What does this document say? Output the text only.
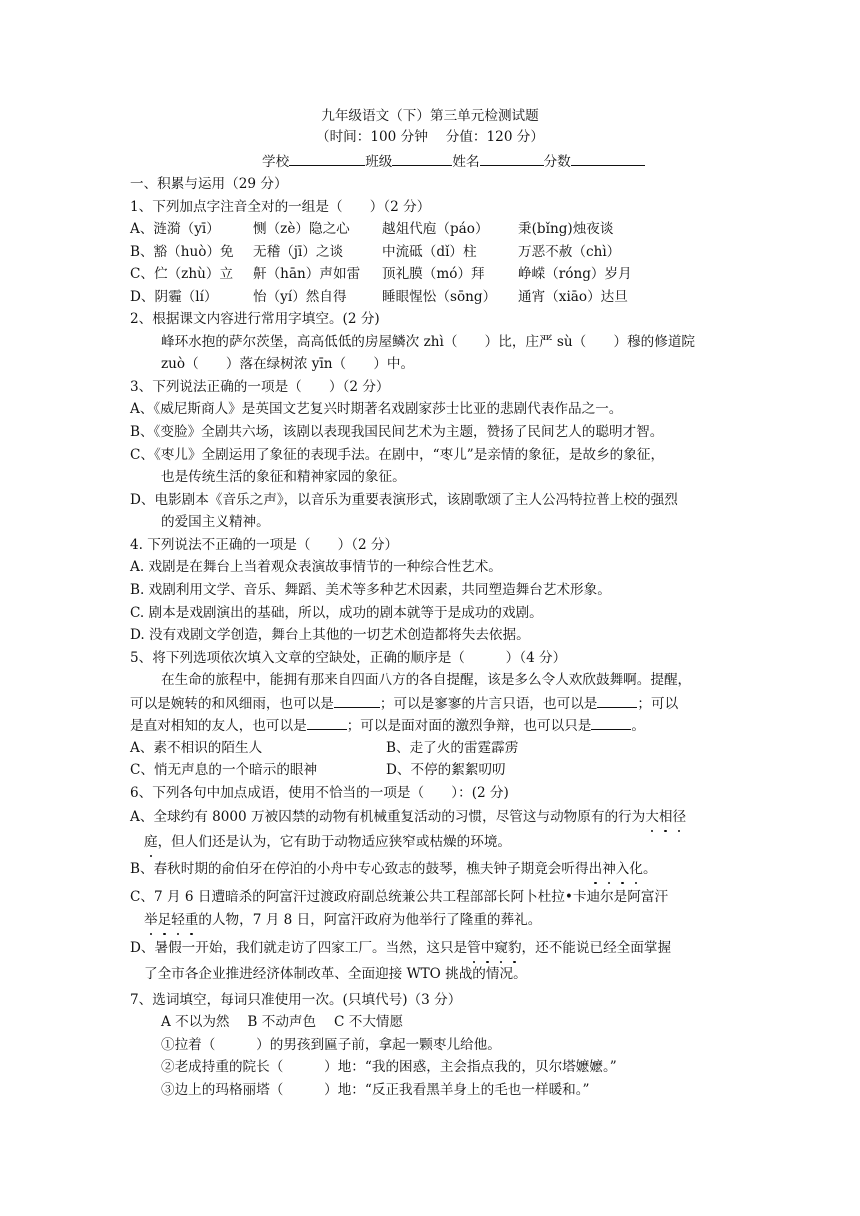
九年级语文（下）第三单元检测试题
（时间：100 分钟　 分值：120 分）
学校	班级	姓名	分数
一、积累与运用（29 分）
1、下列加点字注音全对的一组是（　　）（2 分）
A、涟漪（yī） 恻（zè）隐之心 越俎代庖（páo） 秉(bǐng)烛夜谈
B、豁（huò）免 无稽（jī）之谈	中流砥（dǐ）柱	万恶不赦（chì）
C、伫（zhù）立 鼾（hān）声如雷 顶礼膜（mó）拜 峥嵘（róng）岁月
D、阴霾（lí）	怡（yí）然自得	睡眼惺忪（sōng） 通宵（xiāo）达旦
2、根据课文内容进行常用字填空。(2 分)
峰环水抱的萨尔茨堡，高高低低的房屋鳞次 zhì（　　）比，庄严 sù（　　）穆的修道院
zuò（　　）落在绿树浓 yīn（　　）中。
3、下列说法正确的一项是（　　）（2 分）
A、《威尼斯商人》是英国文艺复兴时期著名戏剧家莎士比亚的悲剧代表作品之一。
B、《变脸》全剧共六场，该剧以表现我国民间艺术为主题，赞扬了民间艺人的聪明才智。
C、《枣儿》全剧运用了象征的表现手法。在剧中，“枣儿”是亲情的象征，是故乡的象征，
也是传统生活的象征和精神家园的象征。
D、电影剧本《音乐之声》，以音乐为重要表演形式，该剧歌颂了主人公冯特拉普上校的强烈
的爱国主义精神。
4. 下列说法不正确的一项是（　　）（2 分）
A. 戏剧是在舞台上当着观众表演故事情节的一种综合性艺术。
B. 戏剧利用文学、音乐、舞蹈、美术等多种艺术因素，共同塑造舞台艺术形象。
C. 剧本是戏剧演出的基础，所以，成功的剧本就等于是成功的戏剧。
D. 没有戏剧文学创造，舞台上其他的一切艺术创造都将失去依据。
5、将下列选项依次填入文章的空缺处，正确的顺序是（　　　）（4 分）
在生命的旅程中，能拥有那来自四面八方的各自提醒，该是多么令人欢欣鼓舞啊。提醒，
可以是婉转的和风细雨，也可以是	；可以是寥寥的片言只语，也可以是	；可以
是直对相知的友人，也可以是	；可以是面对面的激烈争辩，也可以只是	。
A、素不相识的陌生人	B、走了火的雷霆霹雳
C、悄无声息的一个暗示的眼神	D、不停的絮絮叨叨
6、下列各句中加点成语，使用不恰当的一项是（　　）：(2 分)
A、全球约有 8000 万被囚禁的动物有机械重复活动的习惯，尽管这与动物原有的行为大相径
庭，但人们还是认为，它有助于动物适应狭窄或枯燥的环境。
B、春秋时期的俞伯牙在停泊的小舟中专心致志的鼓琴，樵夫钟子期竟会听得出神入化。
C、7 月 6 日遭暗杀的阿富汗过渡政府副总统兼公共工程部部长阿卜杜拉•卡迪尔是阿富汗
举足轻重的人物，7 月 8 日，阿富汗政府为他举行了隆重的葬礼。
D、暑假一开始，我们就走访了四家工厂。当然，这只是管中窥豹，还不能说已经全面掌握
了全市各企业推进经济体制改革、全面迎接 WTO 挑战的情况。
7、选词填空，每词只准使用一次。(只填代号)（3 分）
A 不以为然　 B 不动声色　 C 不大情愿
①拉着（　　　）的男孩到匾子前，拿起一颗枣儿给他。
②老成持重的院长（　　　）地：“我的困惑，主会指点我的，贝尔塔嬷嬷。”
③边上的玛格丽塔（　　　）地：“反正我看黑羊身上的毛也一样暖和。”
